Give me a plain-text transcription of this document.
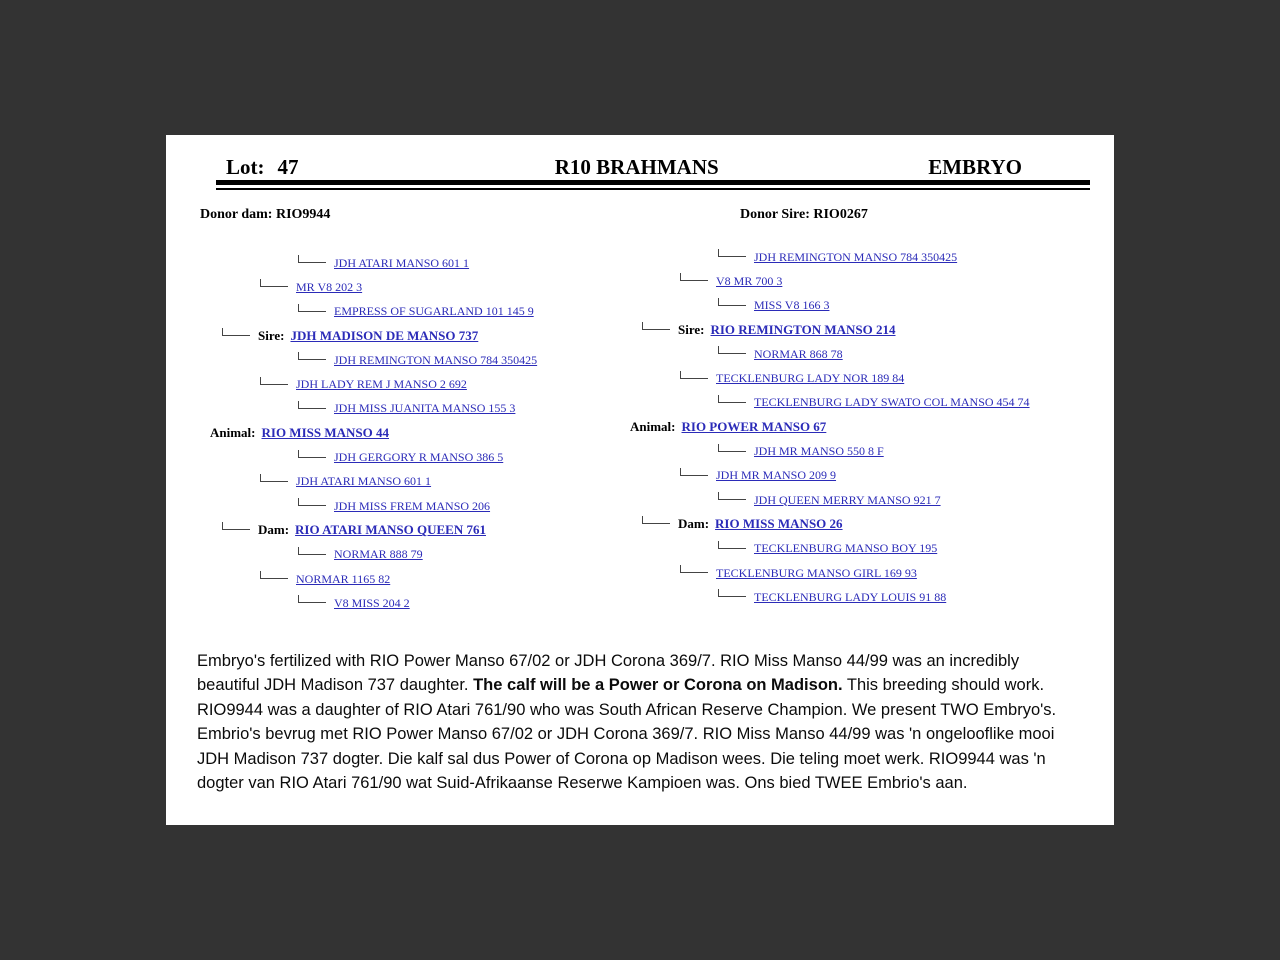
Lot: 47	R10 BRAHMANS	EMBRYO
Donor dam: RIO9944	Donor Sire: RIO0267
JDH ATARI MANSO 601 1
MR V8 202 3
EMPRESS OF SUGARLAND 101 145 9
Sire: JDH MADISON DE MANSO 737
JDH REMINGTON MANSO 784 350425
JDH LADY REM J MANSO 2 692
JDH MISS JUANITA MANSO 155 3
Animal: RIO MISS MANSO 44
JDH GERGORY R MANSO 386 5
JDH ATARI MANSO 601 1
JDH MISS FREM MANSO 206
Dam: RIO ATARI MANSO QUEEN 761
NORMAR 888 79
NORMAR 1165 82
V8 MISS 204 2
JDH REMINGTON MANSO 784 350425
V8 MR 700 3
MISS V8 166 3
Sire: RIO REMINGTON MANSO 214
NORMAR 868 78
TECKLENBURG LADY NOR 189 84
TECKLENBURG LADY SWATO COL MANSO 454 74
Animal: RIO POWER MANSO 67
JDH MR MANSO 550 8 F
JDH MR MANSO 209 9
JDH QUEEN MERRY MANSO 921 7
Dam: RIO MISS MANSO 26
TECKLENBURG MANSO BOY 195
TECKLENBURG MANSO GIRL 169 93
TECKLENBURG LADY LOUIS 91 88
Embryo's fertilized with RIO Power Manso 67/02 or JDH Corona 369/7. RIO Miss Manso 44/99 was an incredibly beautiful JDH Madison 737 daughter. The calf will be a Power or Corona on Madison. This breeding should work. RIO9944 was a daughter of RIO Atari 761/90 who was South African Reserve Champion. We present TWO Embryo's. Embrio's bevrug met RIO Power Manso 67/02 or JDH Corona 369/7. RIO Miss Manso 44/99 was 'n ongelooflike mooi JDH Madison 737 dogter. Die kalf sal dus Power of Corona op Madison wees. Die teling moet werk. RIO9944 was 'n dogter van RIO Atari 761/90 wat Suid-Afrikaanse Reserwe Kampioen was. Ons bied TWEE Embrio's aan.
